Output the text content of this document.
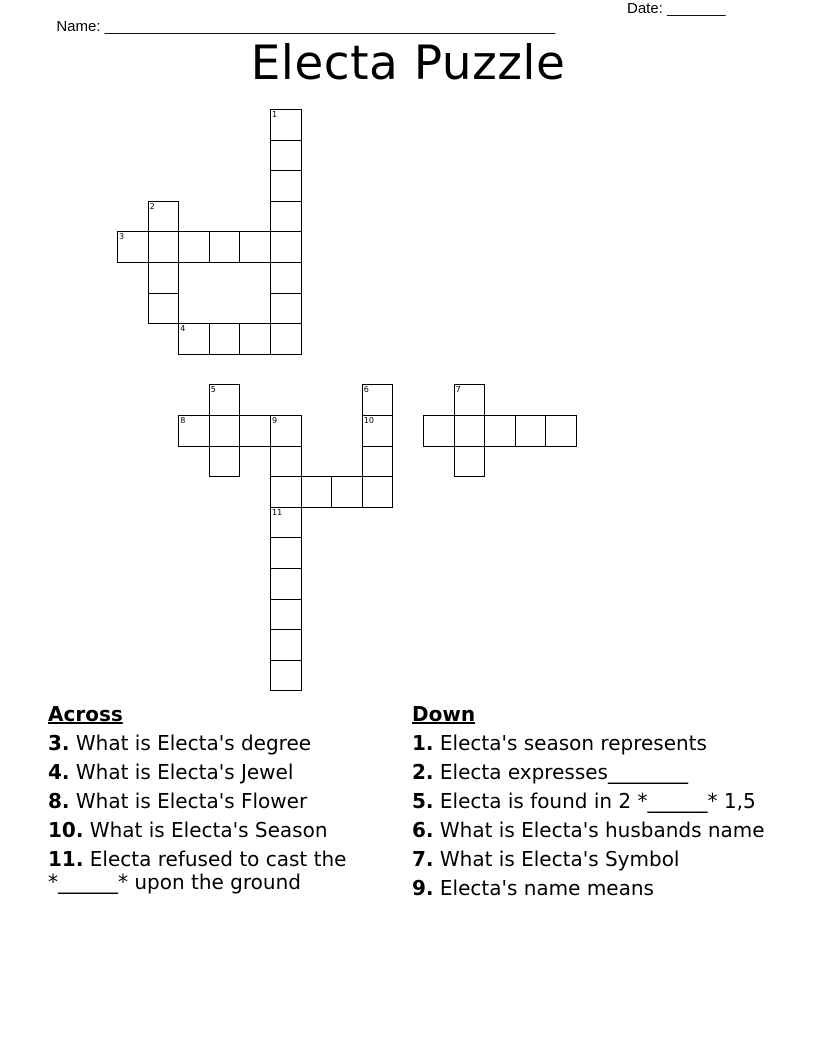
Name: ______________________________________________________

Date: _______

Electa Puzzle
1
2
3
4
5
8	9
11
6
10
7
Across
3. What is Electa's degree
4. What is Electa's Jewel
8. What is Electa's Flower
10. What is Electa's Season
11. Electa refused to cast the *______* upon the ground
Down
1. Electa's season represents
2. Electa expresses________
5. Electa is found in 2 *______* 1,5
6. What is Electa's husbands name
7. What is Electa's Symbol
9. Electa's name means
